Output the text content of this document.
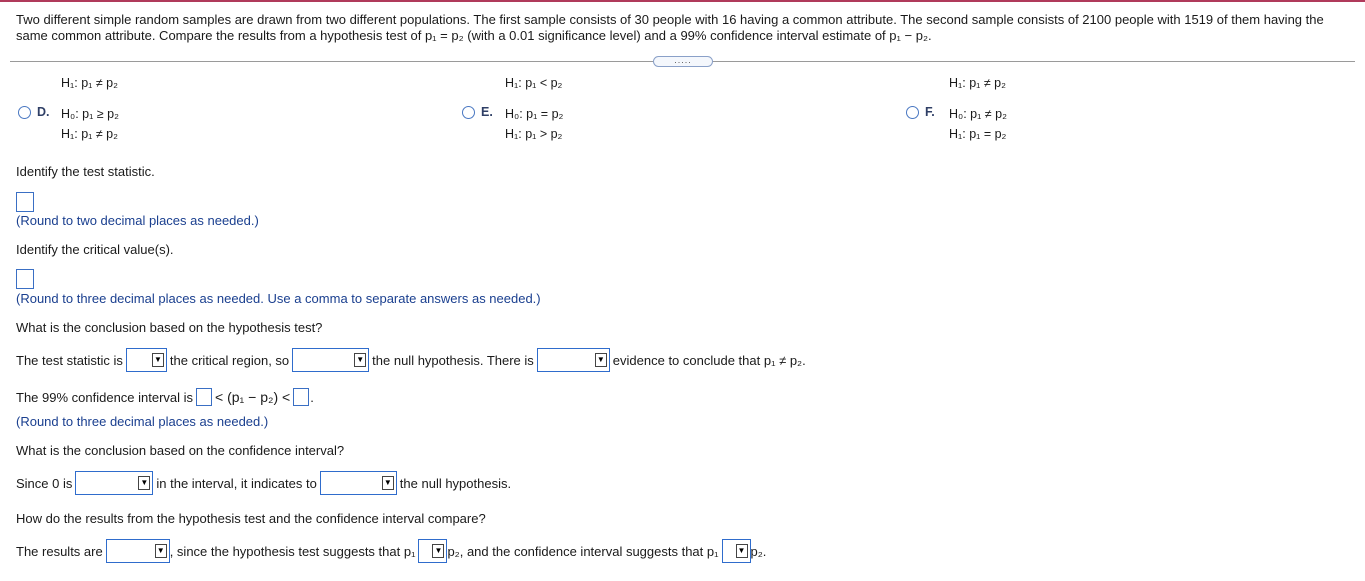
Two different simple random samples are drawn from two different populations. The first sample consists of 30 people with 16 having a common attribute. The second sample consists of 2100 people with 1519 of them having the same common attribute. Compare the results from a hypothesis test of p₁ = p₂ (with a 0.01 significance level) and a 99% confidence interval estimate of p₁ − p₂.
.....
H₁: p₁ ≠ p₂	H₁: p₁ < p₂	H₁: p₁ ≠ p₂
D. H₀: p₁ ≥ p₂
H₁: p₁ ≠ p₂
E. H₀: p₁ = p₂
H₁: p₁ > p₂
F. H₀: p₁ ≠ p₂
H₁: p₁ = p₂
Identify the test statistic.
(Round to two decimal places as needed.)
Identify the critical value(s).
(Round to three decimal places as needed. Use a comma to separate answers as needed.)
What is the conclusion based on the hypothesis test?
The test statistic is	▼ the critical region, so	▼ the null hypothesis. There is	▼ evidence to conclude that p₁ ≠ p₂.
The 99% confidence interval is < (p₁ − p₂) < .
(Round to three decimal places as needed.)
What is the conclusion based on the confidence interval?
Since 0 is	▼ in the interval, it indicates to	▼ the null hypothesis.
How do the results from the hypothesis test and the confidence interval compare?
The results are	▼ , since the hypothesis test suggests that p₁ ▼ p₂, and the confidence interval suggests that p₁ ▼ p₂.
